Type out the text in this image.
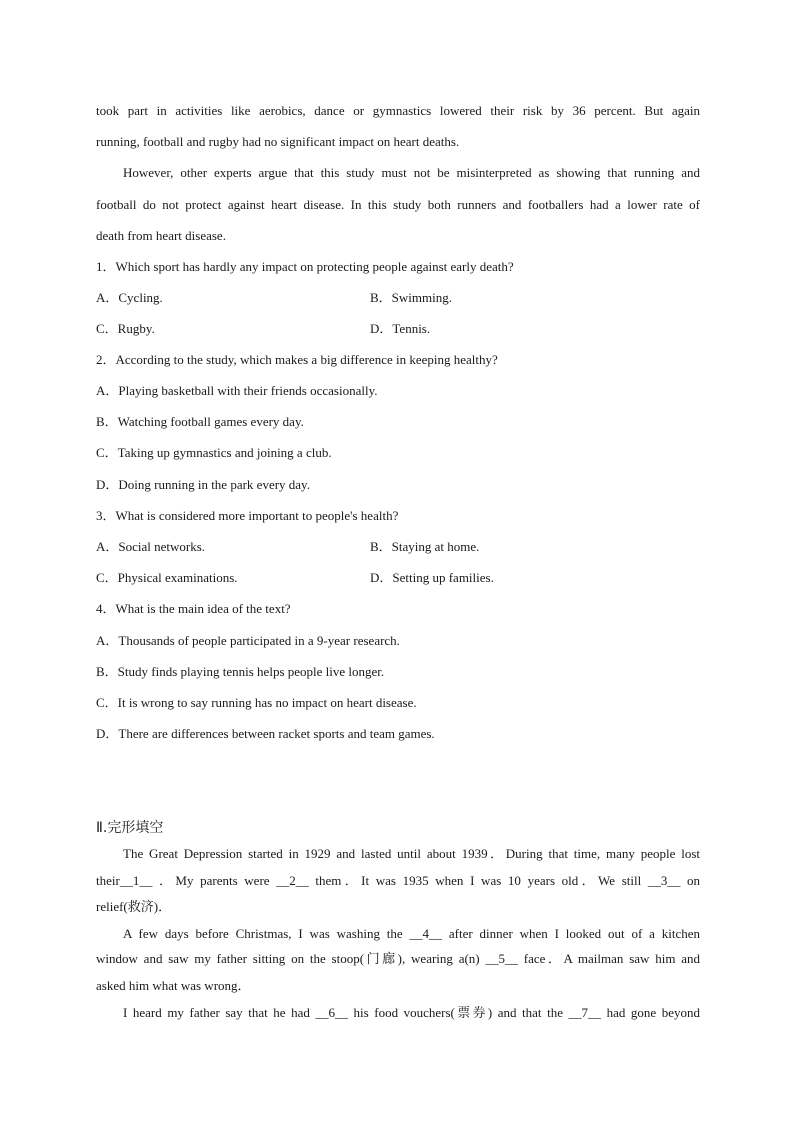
took part in activities like aerobics, dance or gymnastics lowered their risk by 36 percent. But again
running, football and rugby had no significant impact on heart deaths.
However, other experts argue that this study must not be misinterpreted as showing that running and
football do not protect against heart disease. In this study both runners and footballers had a lower rate of
death from heart disease.
1．Which sport has hardly any impact on protecting people against early death?
A．Cycling.	B．Swimming.
C．Rugby.	D．Tennis.
2．According to the study, which makes a big difference in keeping healthy?
A．Playing basketball with their friends occasionally.
B．Watching football games every day.
C．Taking up gymnastics and joining a club.
D．Doing running in the park every day.
3．What is considered more important to people's health?
A．Social networks.	B．Staying at home.
C．Physical examinations.	D．Setting up families.
4．What is the main idea of the text?
A．Thousands of people participated in a 9-year research.
B．Study finds playing tennis helps people live longer.
C．It is wrong to say running has no impact on heart disease.
D．There are differences between racket sports and team games.
Ⅱ.完形填空
The Great Depression started in 1929 and lasted until about 1939．During that time, many people lost
their__1__ ．My parents were __2__ them．It was 1935 when I was 10 years old．We still __3__ on
relief(救济)．
A few days before Christmas, I was washing the __4__ after dinner when I looked out of a kitchen
window and saw my father sitting on the stoop(门廊), wearing a(n) __5__ face．A mailman saw him and
asked him what was wrong．
I heard my father say that he had __6__ his food vouchers(票券) and that the __7__ had gone beyond
